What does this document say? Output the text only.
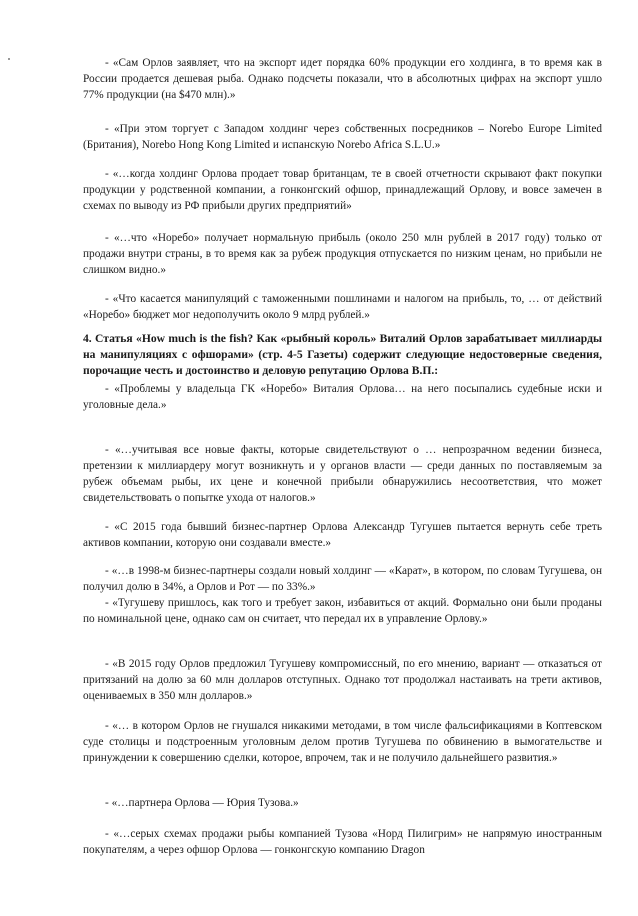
- «Сам Орлов заявляет, что на экспорт идет порядка 60% продукции его холдинга, в то время как в России продается дешевая рыба. Однако подсчеты показали, что в абсолютных цифрах на экспорт ушло 77% продукции (на $470 млн).»

- «При этом торгует с Западом холдинг через собственных посредников – Norebo Europe Limited (Британия), Norebo Hong Kong Limited и испанскую Norebo Africa S.L.U.»

- «…когда холдинг Орлова продает товар британцам, те в своей отчетности скрывают факт покупки продукции у родственной компании, а гонконгский офшор, принадлежащий Орлову, и вовсе замечен в схемах по выводу из РФ прибыли других предприятий»

- «…что «Норебо» получает нормальную прибыль (около 250 млн рублей в 2017 году) только от продажи внутри страны, в то время как за рубеж продукция отпускается по низким ценам, но прибыли не слишком видно.»

- «Что касается манипуляций с таможенными пошлинами и налогом на прибыль, то, … от действий «Норебо» бюджет мог недополучить около 9 млрд рублей.»

4. Статья «How much is the fish? Как «рыбный король» Виталий Орлов зарабатывает миллиарды на манипуляциях с офшорами» (стр. 4-5 Газеты) содержит следующие недостоверные сведения, порочащие честь и достоинство и деловую репутацию Орлова В.П.:

- «Проблемы у владельца ГК «Норебо» Виталия Орлова… на него посыпались судебные иски и уголовные дела.»

- «…учитывая все новые факты, которые свидетельствуют о … непрозрачном ведении бизнеса, претензии к миллиардеру могут возникнуть и у органов власти — среди данных по поставляемым за рубеж объемам рыбы, их цене и конечной прибыли обнаружились несоответствия, что может свидетельствовать о попытке ухода от налогов.»

- «С 2015 года бывший бизнес-партнер Орлова Александр Тугушев пытается вернуть себе треть активов компании, которую они создавали вместе.»

- «…в 1998-м бизнес-партнеры создали новый холдинг — «Карат», в котором, по словам Тугушева, он получил долю в 34%, а Орлов и Рот — по 33%.»

- «Тугушеву пришлось, как того и требует закон, избавиться от акций. Формально они были проданы по номинальной цене, однако сам он считает, что передал их в управление Орлову.»

- «В 2015 году Орлов предложил Тугушеву компромиссный, по его мнению, вариант — отказаться от притязаний на долю за 60 млн долларов отступных. Однако тот продолжал настаивать на трети активов, оцениваемых в 350 млн долларов.»

- «… в котором Орлов не гнушался никакими методами, в том числе фальсификациями в Коптевском суде столицы и подстроенным уголовным делом против Тугушева по обвинению в вымогательстве и принуждении к совершению сделки, которое, впрочем, так и не получило дальнейшего развития.»

- «…партнера Орлова — Юрия Тузова.»

- «…серых схемах продажи рыбы компанией Тузова «Норд Пилигрим» не напрямую иностранным покупателям, а через офшор Орлова — гонконгскую компанию Dragon
